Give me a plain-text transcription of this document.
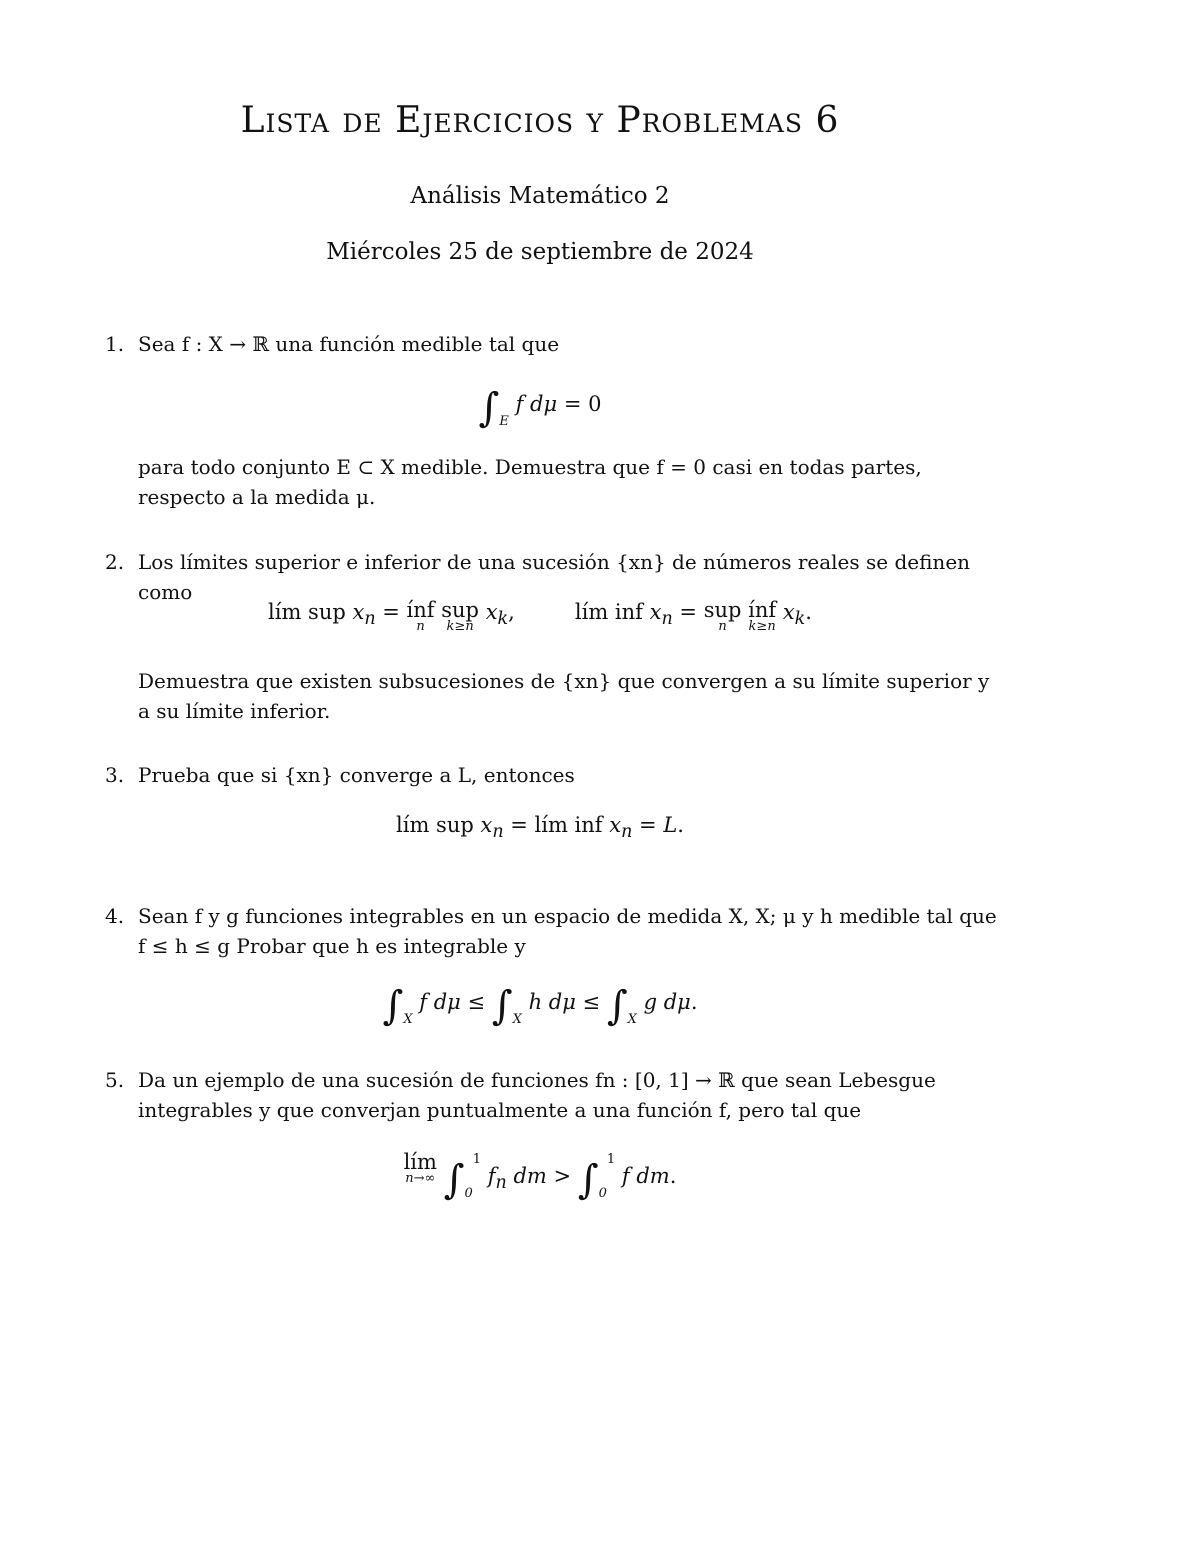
Lista de Ejercicios y Problemas 6
Análisis Matemático 2
Miércoles 25 de septiembre de 2024
1. Sea f : X → ℝ una función medible tal que
$\int_E$ f dμ = 0
para todo conjunto E ⊂ X medible. Demuestra que f = 0 casi en todas partes, respecto a la medida μ.
2. Los límites superior e inferior de una sucesión {xn} de números reales se definen como
lím sup $x_n$ = ínf
n
sup
k≥n
$x_k$,         lím inf $x_n$ = sup
n
ínf
k≥n
$x_k$.
Demuestra que existen subsucesiones de {xn} que convergen a su límite superior y a su límite inferior.
3. Prueba que si {xn} converge a L, entonces
lím sup $x_n$ = lím inf $x_n = L$.
4. Sean f y g funciones integrables en un espacio de medida X, X; μ y h medible tal que f ≤ h ≤ g Probar que h es integrable y
$\int_X$ f $d\mu \le \int_X$ h $d\mu \le \int_X$ g dμ.
5. Da un ejemplo de una sucesión de funciones fn : [0, 1] → ℝ que sean Lebesgue integrables y que converjan puntualmente a una función f, pero tal que
lím
n→∞ $\int_0^1$ $f_n$ dm > $\int_0^1$ f dm.
